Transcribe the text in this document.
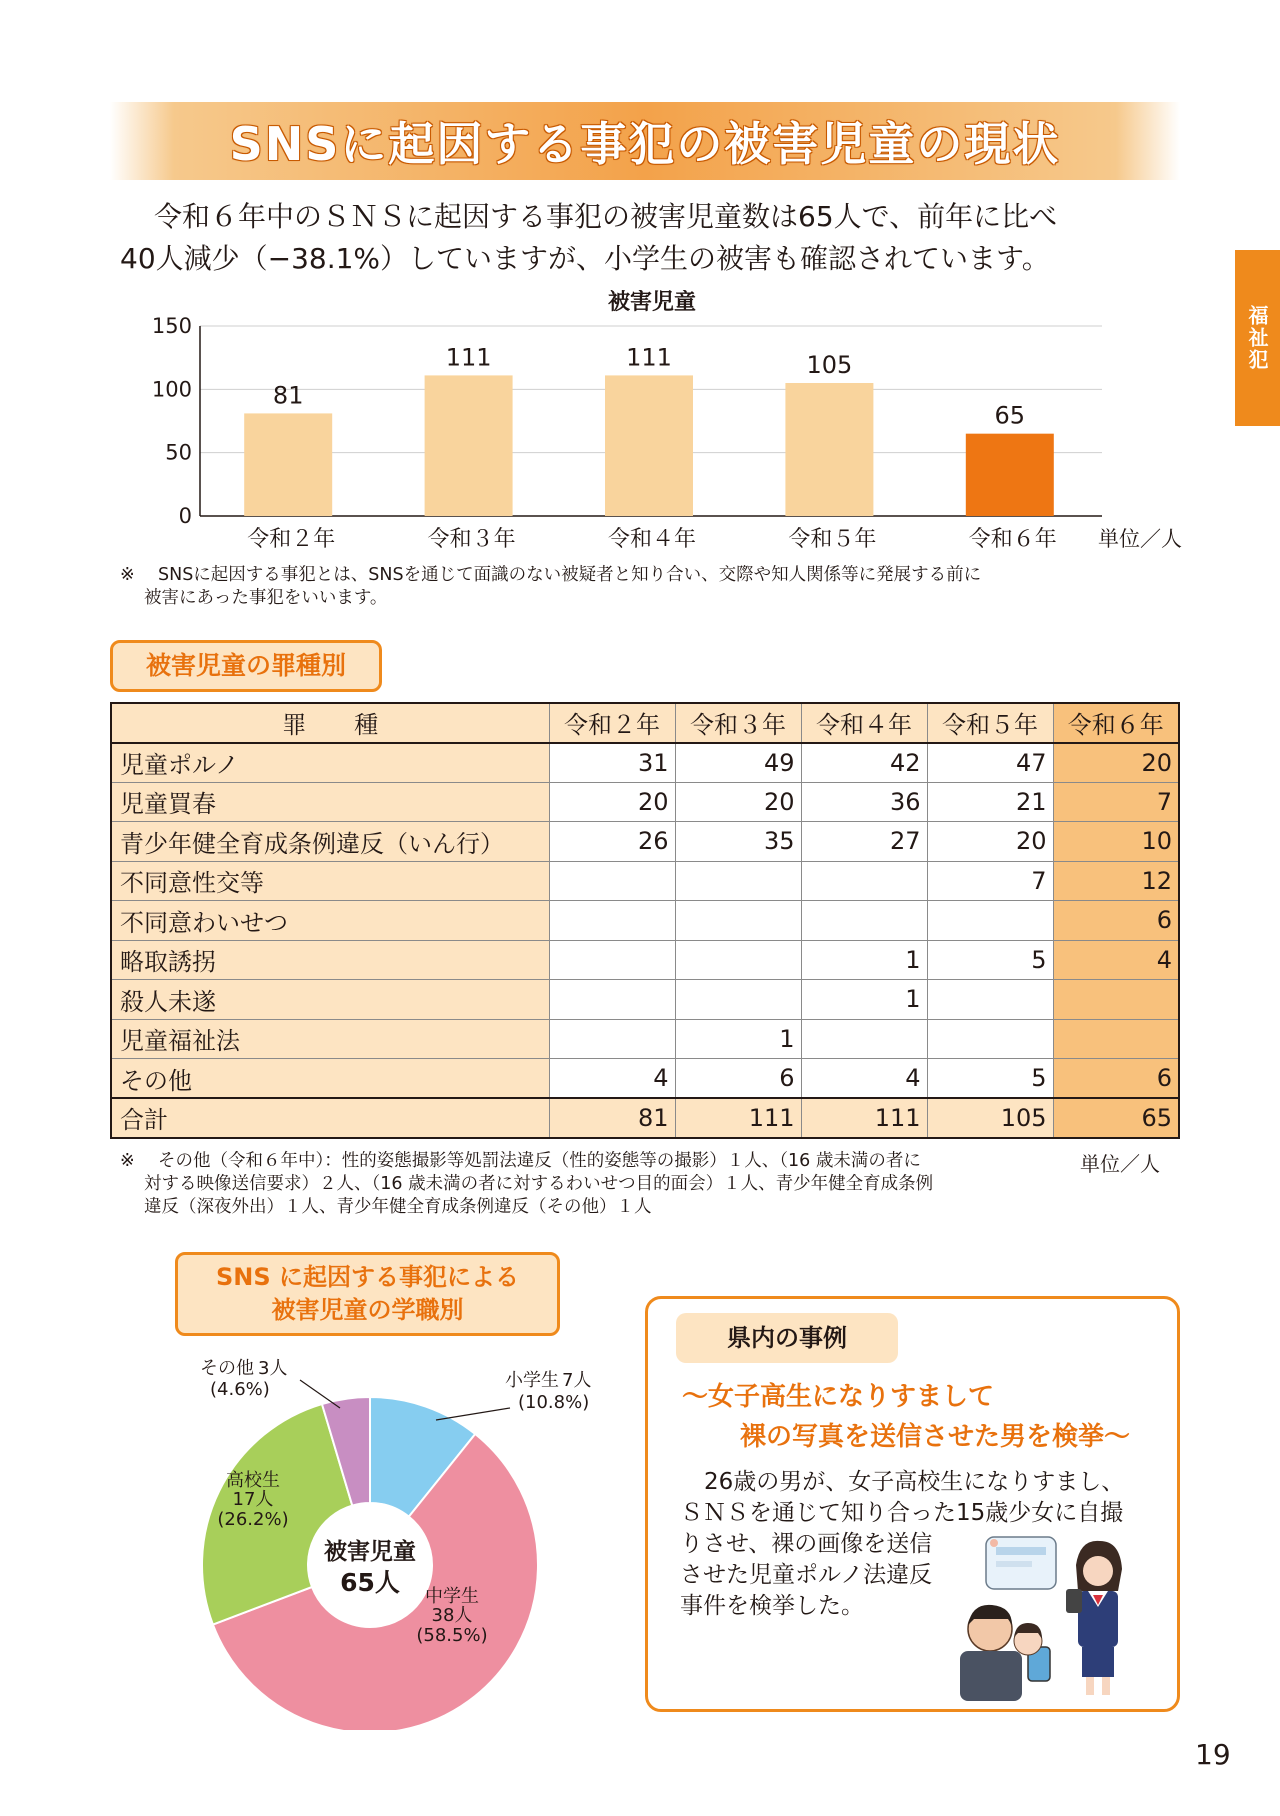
SNSに起因する事犯の被害児童の現状
福祉犯
令和６年中のＳＮＳに起因する事犯の被害児童数は65人で、前年に比べ
40人減少（−38.1%）していますが、小学生の被害も確認されています。
被害児童
0
50
100
150
81
令和２年
111
令和３年
111
令和４年
105
令和５年
65
令和６年 単位／人
※ SNSに起因する事犯とは、SNSを通じて面識のない被疑者と知り合い、交際や知人関係等に発展する前に
被害にあった事犯をいいます。
被害児童の罪種別
罪　　種	令和２年	令和３年	令和４年	令和５年	令和６年
児童ポルノ	31	49	42	47	20
児童買春	20	20	36	21	7
青少年健全育成条例違反（いん行）	26	35	27	20	10
不同意性交等				7	12
不同意わいせつ					6
略取誘拐			1	5	4
殺人未遂			1		
児童福祉法		1			
その他	4	6	4	5	6
合計	81	111	111	105	65
※ その他（令和６年中）：性的姿態撮影等処罰法違反（性的姿態等の撮影）１人、（16 歳未満の者に
対する映像送信要求）２人、（16 歳未満の者に対するわいせつ目的面会）１人、青少年健全育成条例
違反（深夜外出）１人、青少年健全育成条例違反（その他）１人
単位／人
SNS に起因する事犯による
被害児童の学職別
被害児童
65人
小学生 7人
(10.8%)
中学生
38人
(58.5%)
高校生
17人
(26.2%)
その他 3人
(4.6%)
県内の事例
～女子高生になりすまして
裸の写真を送信させた男を検挙～
26歳の男が、女子高校生になりすまし、
ＳＮＳを通じて知り合った15歳少女に自撮
りさせ、裸の画像を送信
させた児童ポルノ法違反
事件を検挙した。
19
